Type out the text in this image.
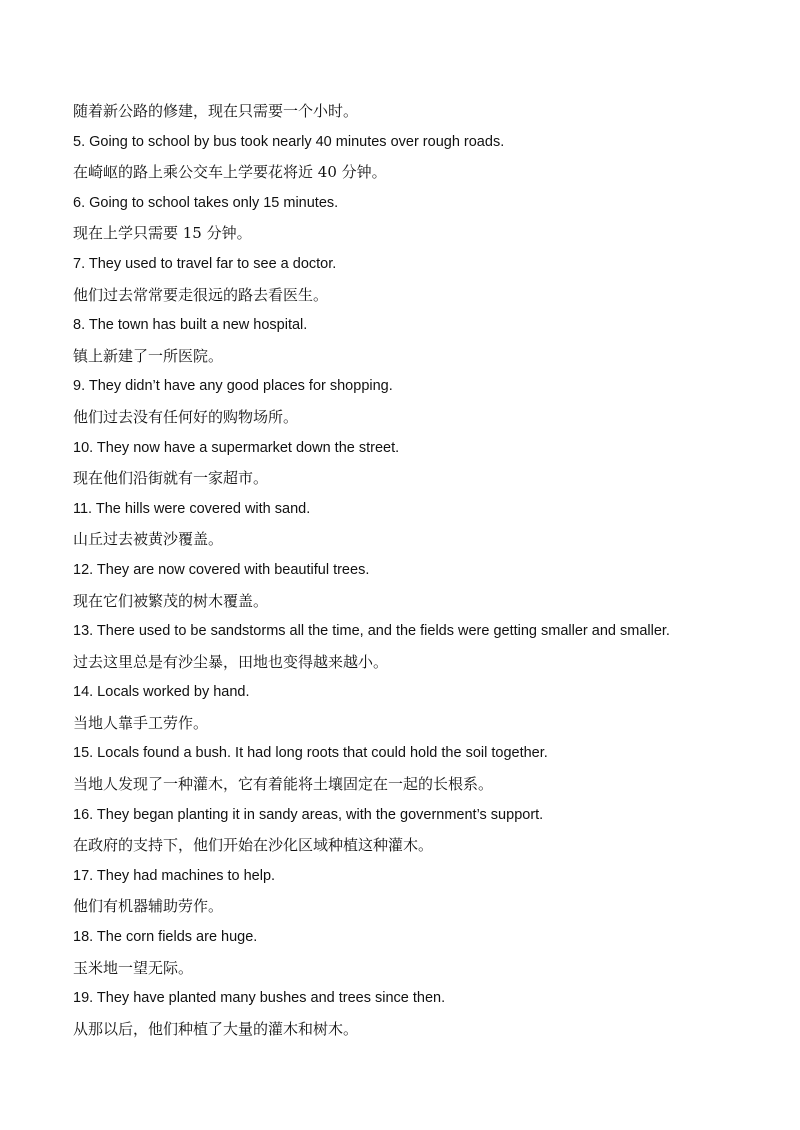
随着新公路的修建，现在只需要一个小时。
5. Going to school by bus took nearly 40 minutes over rough roads.
在崎岖的路上乘公交车上学要花将近 40 分钟。
6. Going to school takes only 15 minutes.
现在上学只需要 15 分钟。
7. They used to travel far to see a doctor.
他们过去常常要走很远的路去看医生。
8. The town has built a new hospital.
镇上新建了一所医院。
9. They didn’t have any good places for shopping.
他们过去没有任何好的购物场所。
10. They now have a supermarket down the street.
现在他们沿街就有一家超市。
11. The hills were covered with sand.
山丘过去被黄沙覆盖。
12. They are now covered with beautiful trees.
现在它们被繁茂的树木覆盖。
13. There used to be sandstorms all the time, and the fields were getting smaller and smaller.
过去这里总是有沙尘暴，田地也变得越来越小。
14. Locals worked by hand.
当地人靠手工劳作。
15. Locals found a bush. It had long roots that could hold the soil together.
当地人发现了一种灌木，它有着能将土壤固定在一起的长根系。
16. They began planting it in sandy areas, with the government’s support.
在政府的支持下，他们开始在沙化区域种植这种灌木。
17. They had machines to help.
他们有机器辅助劳作。
18. The corn fields are huge.
玉米地一望无际。
19. They have planted many bushes and trees since then.
从那以后，他们种植了大量的灌木和树木。
